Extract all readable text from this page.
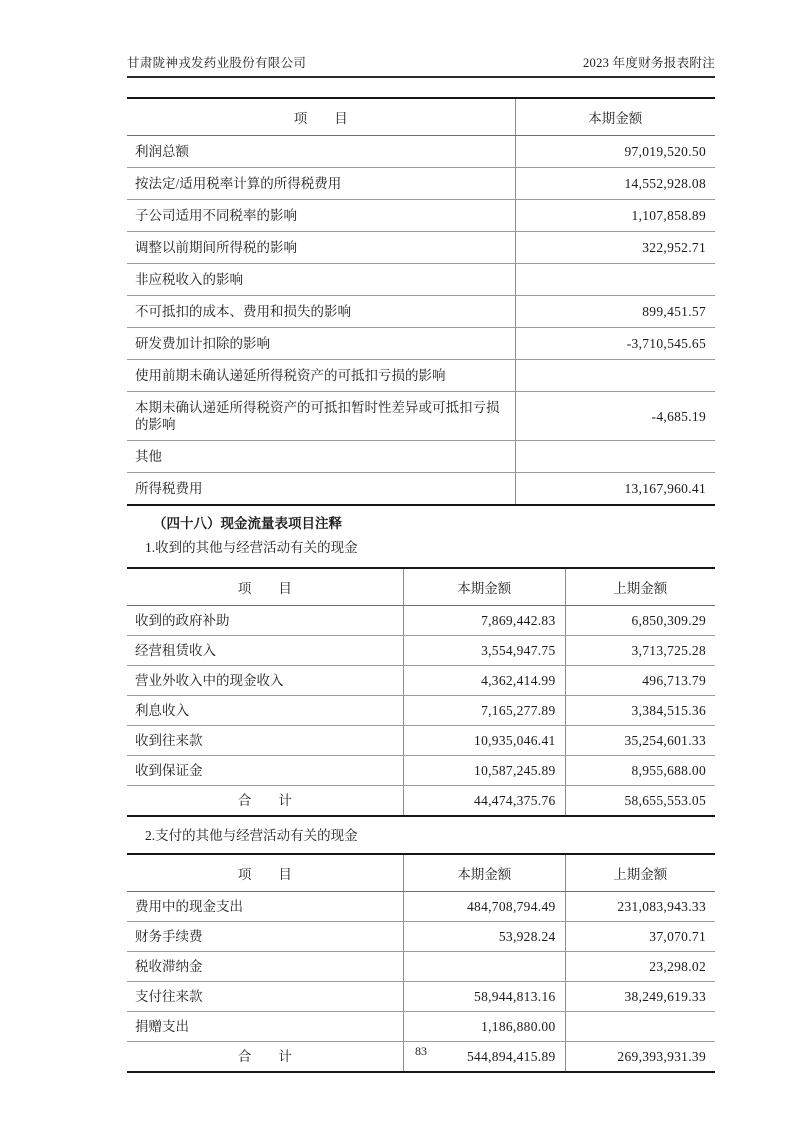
甘肃陇神戎发药业股份有限公司	2023 年度财务报表附注
项　　目	本期金额
利润总额	97,019,520.50
按法定/适用税率计算的所得税费用	14,552,928.08
子公司适用不同税率的影响	1,107,858.89
调整以前期间所得税的影响	322,952.71
非应税收入的影响	
不可抵扣的成本、费用和损失的影响	899,451.57
研发费加计扣除的影响	-3,710,545.65
使用前期未确认递延所得税资产的可抵扣亏损的影响	
本期未确认递延所得税资产的可抵扣暂时性差异或可抵扣亏损的影响	-4,685.19
其他	
所得税费用	13,167,960.41
（四十八）现金流量表项目注释
1.收到的其他与经营活动有关的现金
项　　目	本期金额	上期金额
收到的政府补助	7,869,442.83	6,850,309.29
经营租赁收入	3,554,947.75	3,713,725.28
营业外收入中的现金收入	4,362,414.99	496,713.79
利息收入	7,165,277.89	3,384,515.36
收到往来款	10,935,046.41	35,254,601.33
收到保证金	10,587,245.89	8,955,688.00
合　　计	44,474,375.76	58,655,553.05
2.支付的其他与经营活动有关的现金
项　　目	本期金额	上期金额
费用中的现金支出	484,708,794.49	231,083,943.33
财务手续费	53,928.24	37,070.71
税收滞纳金		23,298.02
支付往来款	58,944,813.16	38,249,619.33
捐赠支出	1,186,880.00	
合　　计	544,894,415.89	269,393,931.39
83
